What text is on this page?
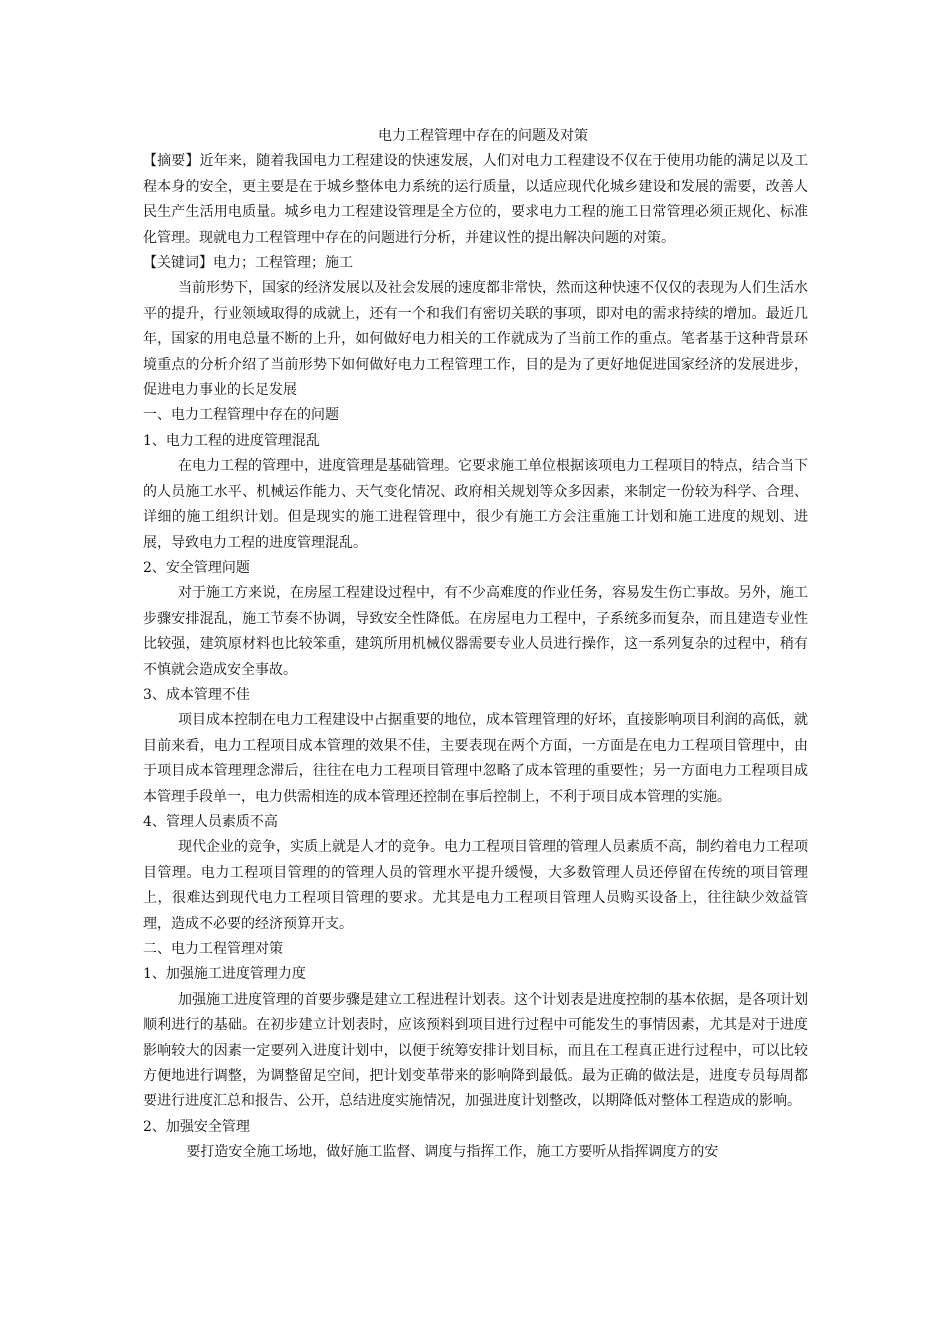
电力工程管理中存在的问题及对策

【摘要】近年来，随着我国电力工程建设的快速发展，人们对电力工程建设不仅在于使用功能的满足以及工程本身的安全，更主要是在于城乡整体电力系统的运行质量，以适应现代化城乡建设和发展的需要，改善人民生产生活用电质量。城乡电力工程建设管理是全方位的，要求电力工程的施工日常管理必须正规化、标准化管理。现就电力工程管理中存在的问题进行分析，并建议性的提出解决问题的对策。

【关键词】电力；工程管理；施工

当前形势下，国家的经济发展以及社会发展的速度都非常快，然而这种快速不仅仅的表现为人们生活水平的提升，行业领域取得的成就上，还有一个和我们有密切关联的事项，即对电的需求持续的增加。最近几年，国家的用电总量不断的上升，如何做好电力相关的工作就成为了当前工作的重点。笔者基于这种背景环境重点的分析介绍了当前形势下如何做好电力工程管理工作，目的是为了更好地促进国家经济的发展进步，促进电力事业的长足发展

一、电力工程管理中存在的问题

1、电力工程的进度管理混乱

在电力工程的管理中，进度管理是基础管理。它要求施工单位根据该项电力工程项目的特点，结合当下的人员施工水平、机械运作能力、天气变化情况、政府相关规划等众多因素，来制定一份较为科学、合理、详细的施工组织计划。但是现实的施工进程管理中，很少有施工方会注重施工计划和施工进度的规划、进展，导致电力工程的进度管理混乱。

2、安全管理问题

对于施工方来说，在房屋工程建设过程中，有不少高难度的作业任务，容易发生伤亡事故。另外，施工步骤安排混乱，施工节奏不协调，导致安全性降低。在房屋电力工程中，子系统多而复杂，而且建造专业性比较强，建筑原材料也比较笨重，建筑所用机械仪器需要专业人员进行操作，这一系列复杂的过程中，稍有不慎就会造成安全事故。

3、成本管理不佳

项目成本控制在电力工程建设中占据重要的地位，成本管理管理的好坏，直接影响项目利润的高低，就目前来看，电力工程项目成本管理的效果不佳，主要表现在两个方面，一方面是在电力工程项目管理中，由于项目成本管理理念滞后，往往在电力工程项目管理中忽略了成本管理的重要性；另一方面电力工程项目成本管理手段单一，电力供需相连的成本管理还控制在事后控制上，不利于项目成本管理的实施。

4、管理人员素质不高

现代企业的竞争，实质上就是人才的竞争。电力工程项目管理的管理人员素质不高，制约着电力工程项目管理。电力工程项目管理的的管理人员的管理水平提升缓慢，大多数管理人员还停留在传统的项目管理上，很难达到现代电力工程项目管理的要求。尤其是电力工程项目管理人员购买设备上，往往缺少效益管理，造成不必要的经济预算开支。

二、电力工程管理对策

1、加强施工进度管理力度

加强施工进度管理的首要步骤是建立工程进程计划表。这个计划表是进度控制的基本依据，是各项计划顺利进行的基础。在初步建立计划表时，应该预料到项目进行过程中可能发生的事情因素，尤其是对于进度影响较大的因素一定要列入进度计划中，以便于统筹安排计划目标，而且在工程真正进行过程中，可以比较方便地进行调整，为调整留足空间，把计划变革带来的影响降到最低。最为正确的做法是，进度专员每周都要进行进度汇总和报告、公开，总结进度实施情况，加强进度计划整改，以期降低对整体工程造成的影响。

2、加强安全管理

要打造安全施工场地，做好施工监督、调度与指挥工作，施工方要听从指挥调度方的安
